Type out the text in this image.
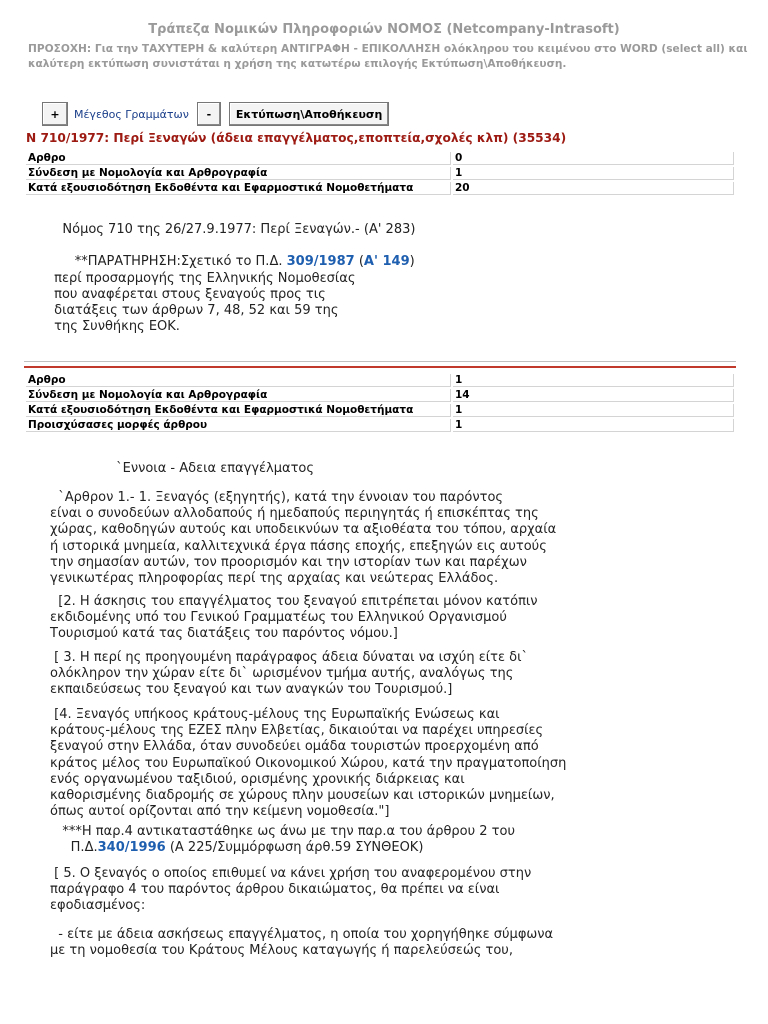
Τράπεζα Νομικών Πληροφοριών ΝΟΜΟΣ (Netcompany-Intrasoft)
ΠΡΟΣΟΧΗ: Για την ΤΑΧΥΤΕΡΗ & καλύτερη ΑΝΤΙΓΡΑΦΗ - ΕΠΙΚΟΛΛΗΣΗ ολόκληρου του κειμένου στο WORD (select all) και καλύτερη εκτύπωση συνιστάται η χρήση της κατωτέρω επιλογής Εκτύπωση\Αποθήκευση.
+	Μέγεθος Γραμμάτων	-	Εκτύπωση\Αποθήκευση
Ν 710/1977: Περί Ξεναγών (άδεια επαγγέλματος,εποπτεία,σχολές κλπ) (35534)
Αρθρο	0
Σύνδεση με Νομολογία και Αρθρογραφία	1
Κατά εξουσιοδότηση Εκδοθέντα και Εφαρμοστικά Νομοθετήματα	20
Νόμος 710 της 26/27.9.1977: Περί Ξεναγών.- (Α' 283)

**ΠΑΡΑΤΗΡΗΣΗ:Σχετικό το Π.Δ. 309/1987 (Α' 149)
περί προσαρμογής της Ελληνικής Νομοθεσίας
που αναφέρεται στους ξεναγούς προς τις
διατάξεις των άρθρων 7, 48, 52 και 59 της
της Συνθήκης ΕΟΚ.
Αρθρο	1
Σύνδεση με Νομολογία και Αρθρογραφία	14
Κατά εξουσιοδότηση Εκδοθέντα και Εφαρμοστικά Νομοθετήματα	1
Προισχύσασες μορφές άρθρου	1
`Εννοια - Αδεια επαγγέλματος
`Αρθρον 1.- 1. Ξεναγός (εξηγητής), κατά την έννοιαν του παρόντος
είναι ο συνοδεύων αλλοδαπούς ή ημεδαπούς περιηγητάς ή επισκέπτας της
χώρας, καθοδηγών αυτούς και υποδεικνύων τα αξιοθέατα του τόπου, αρχαία
ή ιστορικά μνημεία, καλλιτεχνικά έργα πάσης εποχής, επεξηγών εις αυτούς
την σημασίαν αυτών, τον προορισμόν και την ιστορίαν των και παρέχων
γενικωτέρας πληροφορίας περί της αρχαίας και νεώτερας Ελλάδος.
[2. Η άσκησις του επαγγέλματος του ξεναγού επιτρέπεται μόνον κατόπιν
εκδιδομένης υπό του Γενικού Γραμματέως του Ελληνικού Οργανισμού
Τουρισμού κατά τας διατάξεις του παρόντος νόμου.]
[ 3. Η περί ης προηγουμένη παράγραφος άδεια δύναται να ισχύη είτε δι`
ολόκληρον την χώραν είτε δι` ωρισμένον τμήμα αυτής, αναλόγως της
εκπαιδεύσεως του ξεναγού και των αναγκών του Τουρισμού.]
[4. Ξεναγός υπήκοος κράτους-μέλους της Ευρωπαϊκής Ενώσεως και
κράτους-μέλους της ΕΖΕΣ πλην Ελβετίας, δικαιούται να παρέχει υπηρεσίες
ξεναγού στην Ελλάδα, όταν συνοδεύει ομάδα τουριστών προερχομένη από
κράτος μέλος του Ευρωπαϊκού Οικονομικού Χώρου, κατά την πραγματοποίηση
ενός οργανωμένου ταξιδιού, ορισμένης χρονικής διάρκειας και
καθορισμένης διαδρομής σε χώρους πλην μουσείων και ιστορικών μνημείων,
όπως αυτοί ορίζονται από την κείμενη νομοθεσία."]
***Η παρ.4 αντικαταστάθηκε ως άνω με την παρ.α του άρθρου 2 του
Π.Δ.340/1996 (Α 225/Συμμόρφωση άρθ.59 ΣΥΝΘΕΟΚ)
[ 5. Ο ξεναγός ο οποίος επιθυμεί να κάνει χρήση του αναφερομένου στην
παράγραφο 4 του παρόντος άρθρου δικαιώματος, θα πρέπει να είναι
εφοδιασμένος:
- είτε με άδεια ασκήσεως επαγγέλματος, η οποία του χορηγήθηκε σύμφωνα
με τη νομοθεσία του Κράτους Μέλους καταγωγής ή παρελεύσεώς του,
